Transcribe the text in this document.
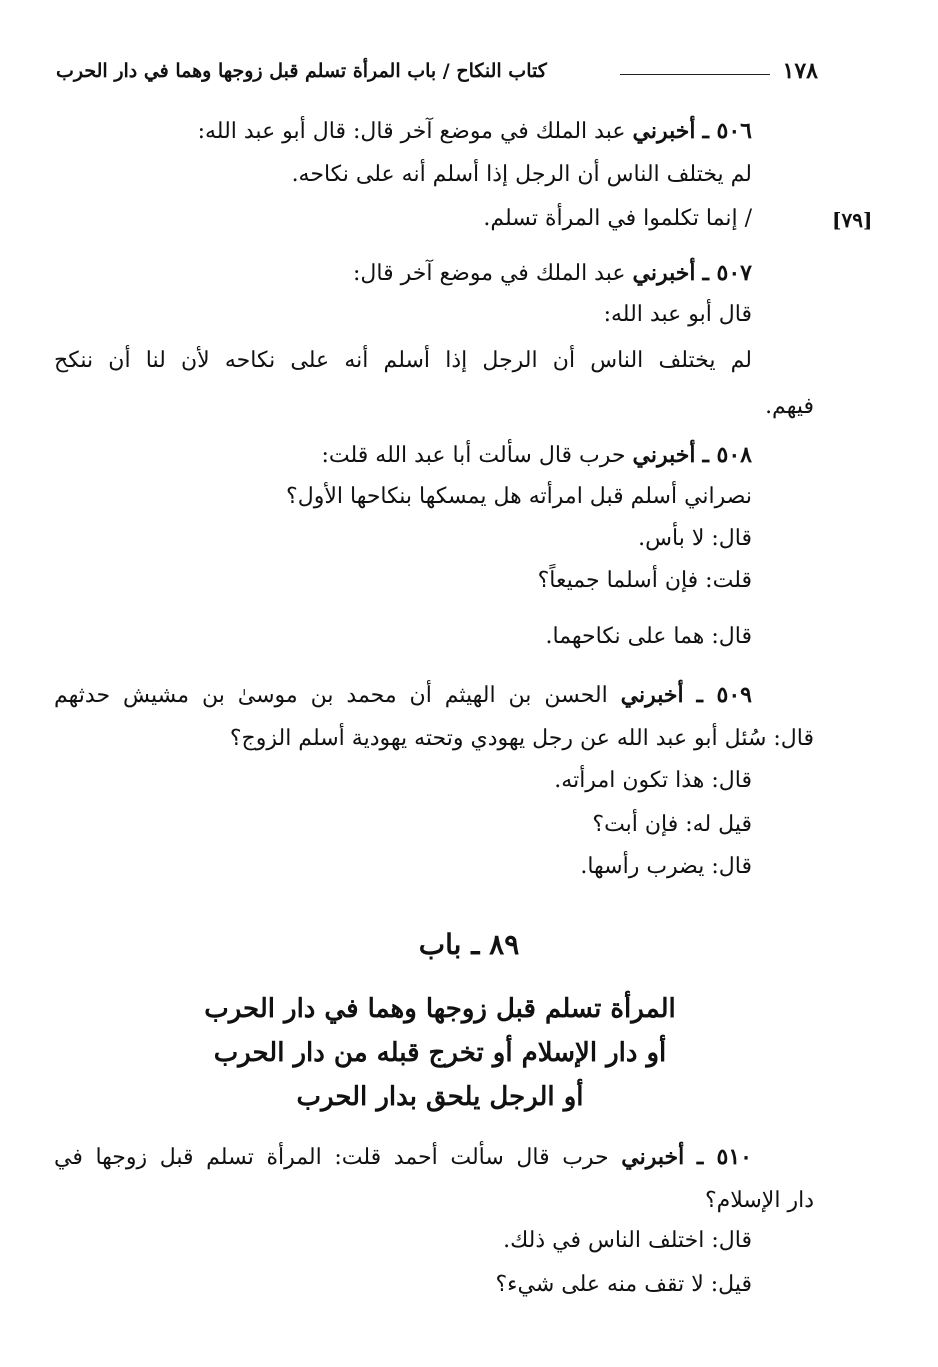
١٧٨
كتاب النكاح / باب المرأة تسلم قبل زوجها وهما في دار الحرب
[٧٩]
٥٠٦ ـ أخبرني عبد الملك في موضع آخر قال: قال أبو عبد الله:
لم يختلف الناس أن الرجل إذا أسلم أنه على نكاحه.
/ إنما تكلموا في المرأة تسلم.
٥٠٧ ـ أخبرني عبد الملك في موضع آخر قال:
قال أبو عبد الله:
لم يختلف الناس أن الرجل إذا أسلم أنه على نكاحه لأن لنا أن ننكح
فيهم.
٥٠٨ ـ أخبرني حرب قال سألت أبا عبد الله قلت:
نصراني أسلم قبل امرأته هل يمسكها بنكاحها الأول؟
قال: لا بأس.
قلت: فإن أسلما جميعاً؟
قال: هما على نكاحهما.
٥٠٩ ـ أخبرني الحسن بن الهيثم أن محمد بن موسىٰ بن مشيش حدثهم
قال: سُئل أبو عبد الله عن رجل يهودي وتحته يهودية أسلم الزوج؟
قال: هذا تكون امرأته.
قيل له: فإن أبت؟
قال: يضرب رأسها.
٨٩ ـ باب
المرأة تسلم قبل زوجها وهما في دار الحرب
أو دار الإسلام أو تخرج قبله من دار الحرب
أو الرجل يلحق بدار الحرب
٥١٠ ـ أخبرني حرب قال سألت أحمد قلت: المرأة تسلم قبل زوجها في
دار الإسلام؟
قال: اختلف الناس في ذلك.
قيل: لا تقف منه على شيء؟
